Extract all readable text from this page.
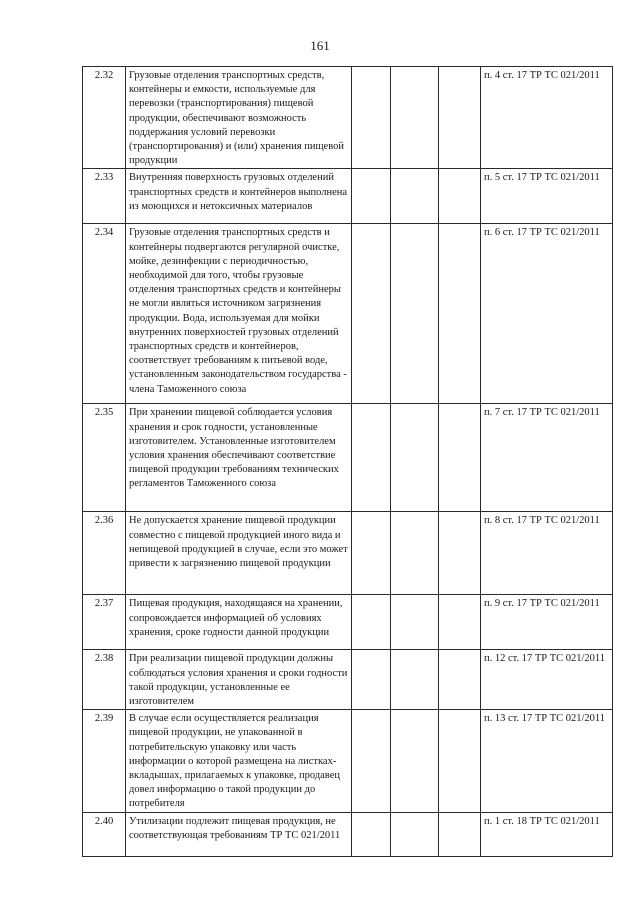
161
2.32	Грузовые отделения транспортных средств, контейнеры и емкости, используемые для перевозки (транспортирования) пищевой продукции, обеспечивают возможность поддержания условий перевозки (транспортирования) и (или) хранения пищевой продукции				п. 4 ст. 17 ТР ТС 021/2011

2.33	Внутренняя поверхность грузовых отделений транспортных средств и контейнеров выполнена из моющихся и нетоксичных материалов				п. 5 ст. 17 ТР ТС 021/2011

2.34	Грузовые отделения транспортных средств и контейнеры подвергаются регулярной очистке, мойке, дезинфекции с периодичностью, необходимой для того, чтобы грузовые отделения транспортных средств и контейнеры не могли являться источником загрязнения продукции. Вода, используемая для мойки внутренних поверхностей грузовых отделений транспортных средств и контейнеров, соответствует требованиям к питьевой воде, установленным законодательством государства - члена Таможенного союза				п. 6 ст. 17 ТР ТС 021/2011

2.35	При хранении пищевой соблюдается условия хранения и срок годности, установленные изготовителем. Установленные изготовителем условия хранения обеспечивают соответствие пищевой продукции требованиям технических регламентов Таможенного союза				п. 7 ст. 17 ТР ТС 021/2011

2.36	Не допускается хранение пищевой продукции совместно с пищевой продукцией иного вида и непищевой продукцией в случае, если это может привести к загрязнению пищевой продукции				п. 8 ст. 17 ТР ТС 021/2011

2.37	Пищевая продукция, находящаяся на хранении, сопровождается информацией об условиях хранения, сроке годности данной продукции				п. 9 ст. 17 ТР ТС 021/2011

2.38	При реализации пищевой продукции должны соблюдаться условия хранения и сроки годности такой продукции, установленные ее изготовителем				п. 12 ст. 17 ТР ТС 021/2011

2.39	В случае если осуществляется реализация пищевой продукции, не упакованной в потребительскую упаковку или часть информации о которой размещена на листках-вкладышах, прилагаемых к упаковке, продавец довел информацию о такой продукции до потребителя				п. 13 ст. 17 ТР ТС 021/2011

2.40	Утилизации подлежит пищевая продукция, не соответствующая требованиям ТР ТС 021/2011				п. 1 ст. 18 ТР ТС 021/2011
